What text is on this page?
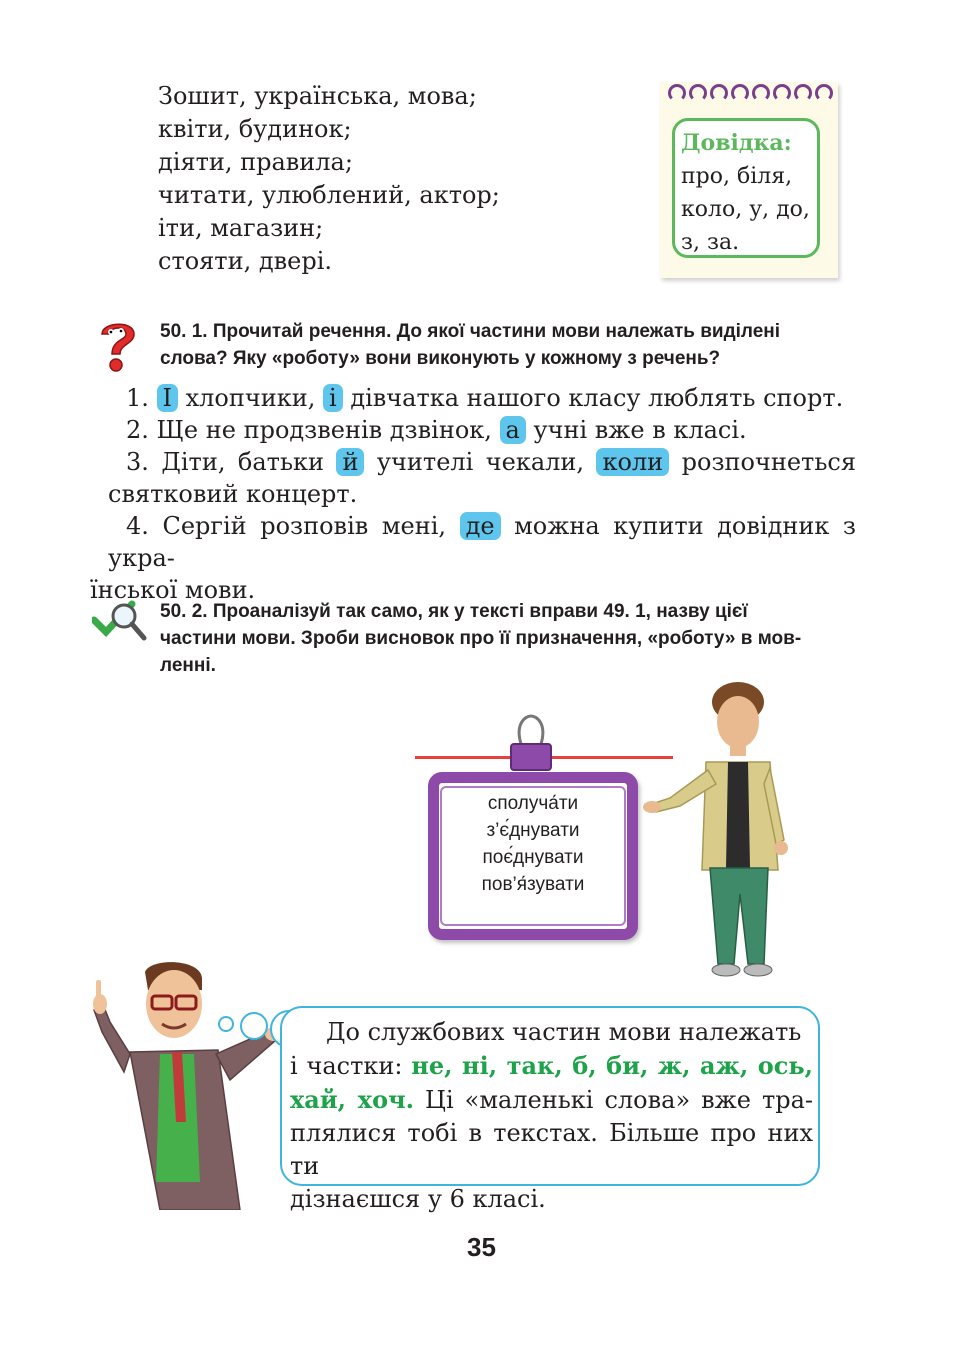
Зошит, українська, мова;
квіти, будинок;
діяти, правила;
читати, улюблений, актор;
іти, магазин;
стояти, двері.
Довідка:
про, біля,
коло, у, до,
з, за.
50. 1. Прочитай речення. До якої частини мови належать виділені
слова? Яку «роботу» вони виконують у кожному з речень?

1. І хлопчики, і дівчатка нашого класу люблять спорт.

2. Ще не продзвенів дзвінок, а учні вже в класі.

3. Діти, батьки й учителі чекали, коли розпочнеться святковий концерт.

4. Сергій розповів мені, де можна купити довідник з укра-
їнської мови.

50. 2. Проаналізуй так само, як у тексті вправи 49. 1, назву цієї
частини мови. Зроби висновок про її призначення, «роботу» в мов-
ленні.
сполуча́ти
з’є́днувати
поє́днувати
пов’я́зувати
До службових частин мови належать
і частки: не, ні, так, б, би, ж, аж, ось,
хай, хоч. Ці «маленькі слова» вже тра-
плялися тобі в текстах. Більше про них ти
дізнаєшся у 6 класі.
35
